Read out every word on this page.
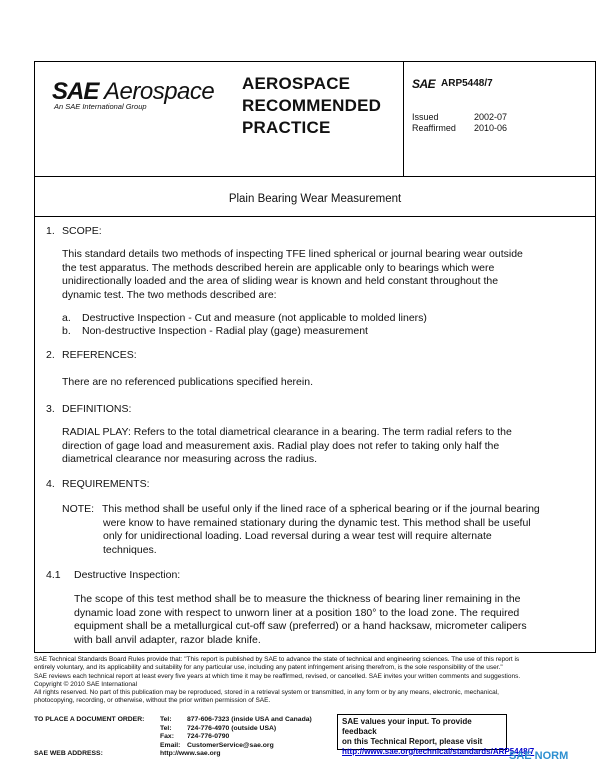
SAE Aerospace
An SAE International Group
AEROSPACE
RECOMMENDED
PRACTICE
SAE ARP5448/7
Issued	2002-07
Reaffirmed 2010-06
Plain Bearing Wear Measurement
1. SCOPE:
This standard details two methods of inspecting TFE lined spherical or journal bearing wear outside
the test apparatus. The methods described herein are applicable only to bearings which were
unidirectionally loaded and the area of sliding wear is known and held constant throughout the
dynamic test. The two methods described are:
a. Destructive Inspection - Cut and measure (not applicable to molded liners)
b. Non-destructive Inspection - Radial play (gage) measurement
2. REFERENCES:
There are no referenced publications specified herein.
3. DEFINITIONS:
RADIAL PLAY: Refers to the total diametrical clearance in a bearing. The term radial refers to the
direction of gage load and measurement axis. Radial play does not refer to taking only half the
diametrical clearance nor measuring across the radius.
4. REQUIREMENTS:
NOTE: This method shall be useful only if the lined race of a spherical bearing or if the journal bearing
were know to have remained stationary during the dynamic test. This method shall be useful
only for unidirectional loading. Load reversal during a wear test will require alternate
techniques.
4.1 Destructive Inspection:
The scope of this test method shall be to measure the thickness of bearing liner remaining in the
dynamic load zone with respect to unworn liner at a position 180° to the load zone. The required
equipment shall be a metallurgical cut-off saw (preferred) or a hand hacksaw, micrometer calipers
with ball anvil adapter, razor blade knife.
SAE Technical Standards Board Rules provide that: "This report is published by SAE to advance the state of technical and engineering sciences. The use of this report is
entirely voluntary, and its applicability and suitability for any particular use, including any patent infringement arising therefrom, is the sole responsibility of the user."
SAE reviews each technical report at least every five years at which time it may be reaffirmed, revised, or cancelled. SAE invites your written comments and suggestions.
Copyright © 2010 SAE International
All rights reserved. No part of this publication may be reproduced, stored in a retrieval system or transmitted, in any form or by any means, electronic, mechanical,
photocopying, recording, or otherwise, without the prior written permission of SAE.
TO PLACE A DOCUMENT ORDER: Tel: 877-606-7323 (inside USA and Canada)
Tel: 724-776-4970 (outside USA)
Fax: 724-776-0790
Email: CustomerService@sae.org
SAE WEB ADDRESS:	http://www.sae.org
SAE values your input. To provide feedback
on this Technical Report, please visit
http://www.sae.org/technical/standards/ARP5448/7
SAE NORM
